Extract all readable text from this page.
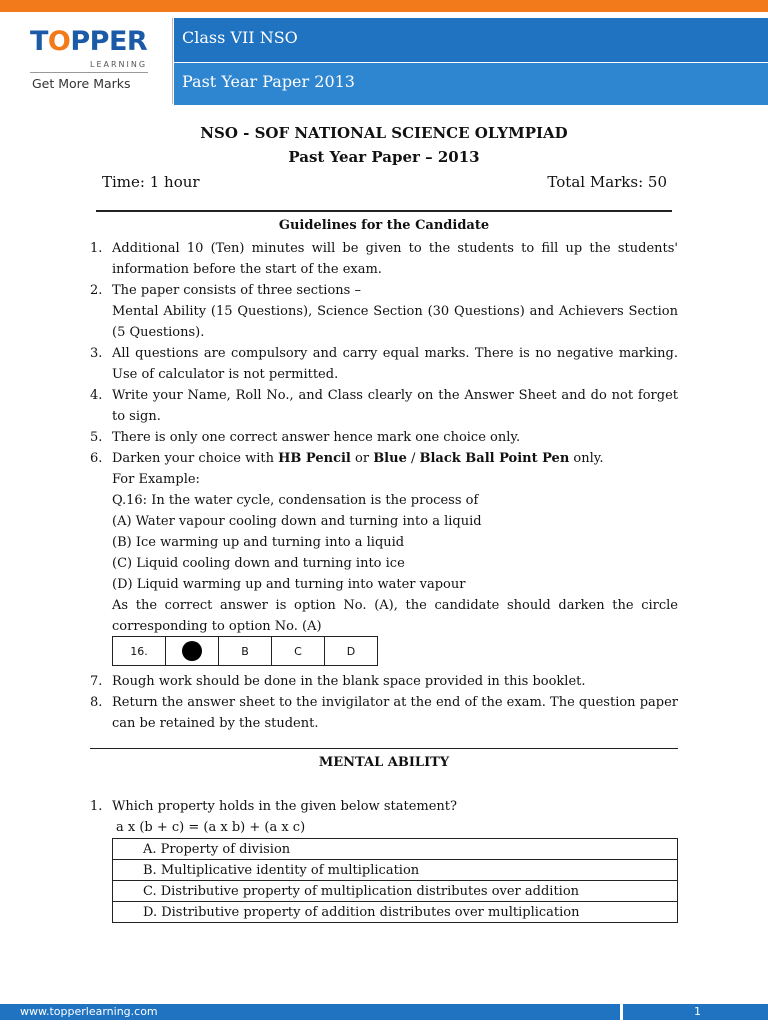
TOPPER
LEARNING
Get More Marks
Class VII NSO
Past Year Paper 2013
NSO - SOF NATIONAL SCIENCE OLYMPIAD
Past Year Paper – 2013
Time: 1 hour	Total Marks: 50
Guidelines for the Candidate
1. Additional 10 (Ten) minutes will be given to the students to fill up the students' information before the start of the exam.
2. The paper consists of three sections –
Mental Ability (15 Questions), Science Section (30 Questions) and Achievers Section (5 Questions).
3. All questions are compulsory and carry equal marks. There is no negative marking. Use of calculator is not permitted.
4. Write your Name, Roll No., and Class clearly on the Answer Sheet and do not forget to sign.
5. There is only one correct answer hence mark one choice only.
6. Darken your choice with HB Pencil or Blue / Black Ball Point Pen only.
For Example:
Q.16: In the water cycle, condensation is the process of
(A) Water vapour cooling down and turning into a liquid
(B) Ice warming up and turning into a liquid
(C) Liquid cooling down and turning into ice
(D) Liquid warming up and turning into water vapour
As the correct answer is option No. (A), the candidate should darken the circle corresponding to option No. (A)
16.		B	C	D
7. Rough work should be done in the blank space provided in this booklet.
8. Return the answer sheet to the invigilator at the end of the exam. The question paper can be retained by the student.
MENTAL ABILITY
1. Which property holds in the given below statement?
a x (b + c) = (a x b) + (a x c)
A. Property of division
B. Multiplicative identity of multiplication
C. Distributive property of multiplication distributes over addition
D. Distributive property of addition distributes over multiplication
www.topperlearning.com	1
